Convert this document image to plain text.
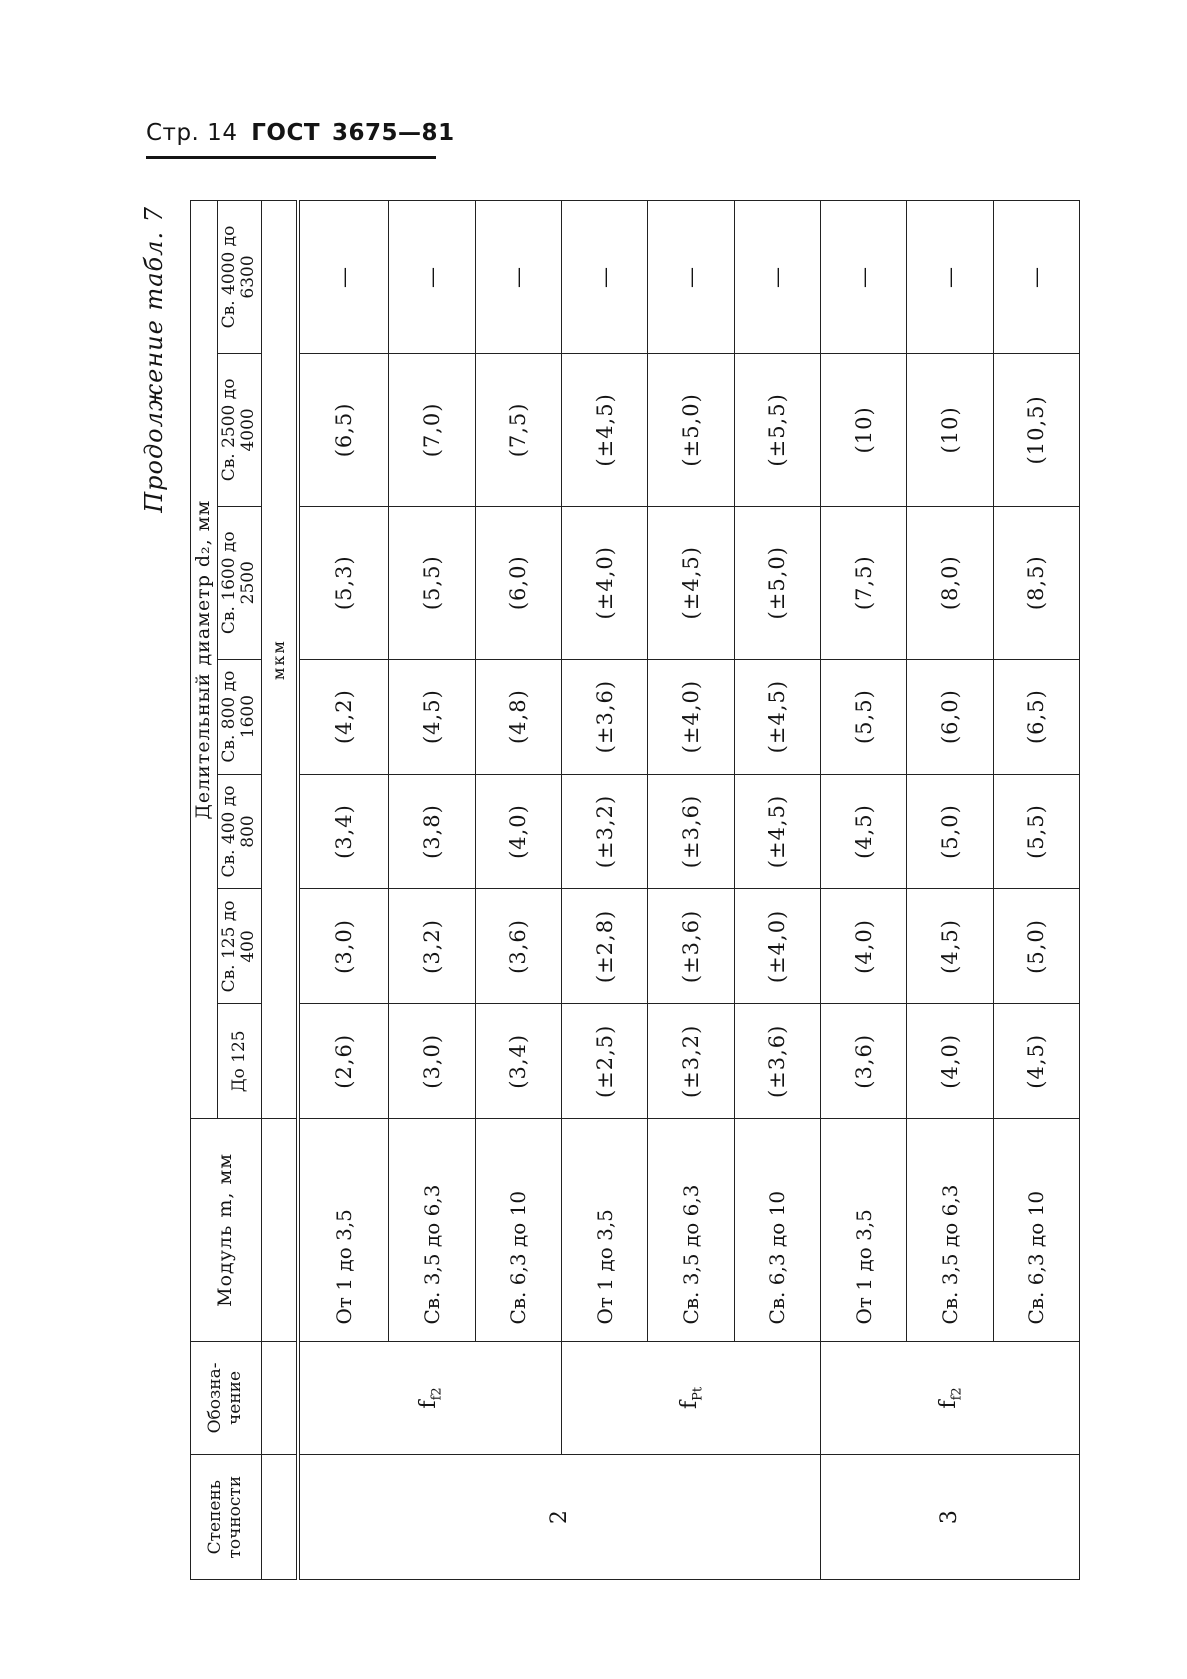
Стр. 14 ГОСТ 3675—81
Продолжение табл. 7
Степень точности	Обозна-чение	Модуль m, мм	Делительный диаметр d₂, мм						
			До 125	Св. 125 до 400	Св. 400 до 800	Св. 800 до 1600	Св. 1600 до 2500	Св. 2500 до 4000	Св. 4000 до 6300
			мкм						
2	$f_{f2}$	От 1 до 3,5	(2,6)	(3,0)	(3,4)	(4,2)	(5,3)	(6,5)	—
		Св. 3,5 до 6,3	(3,0)	(3,2)	(3,8)	(4,5)	(5,5)	(7,0)	—
		Св. 6,3 до 10	(3,4)	(3,6)	(4,0)	(4,8)	(6,0)	(7,5)	—
	$f_{Pt}$	От 1 до 3,5	(±2,5)	(±2,8)	(±3,2)	(±3,6)	(±4,0)	(±4,5)	—
		Св. 3,5 до 6,3	(±3,2)	(±3,6)	(±3,6)	(±4,0)	(±4,5)	(±5,0)	—
		Св. 6,3 до 10	(±3,6)	(±4,0)	(±4,5)	(±4,5)	(±5,0)	(±5,5)	—
3	$f_{f2}$	От 1 до 3,5	(3,6)	(4,0)	(4,5)	(5,5)	(7,5)	(10)	—
		Св. 3,5 до 6,3	(4,0)	(4,5)	(5,0)	(6,0)	(8,0)	(10)	—
		Св. 6,3 до 10	(4,5)	(5,0)	(5,5)	(6,5)	(8,5)	(10,5)	—
